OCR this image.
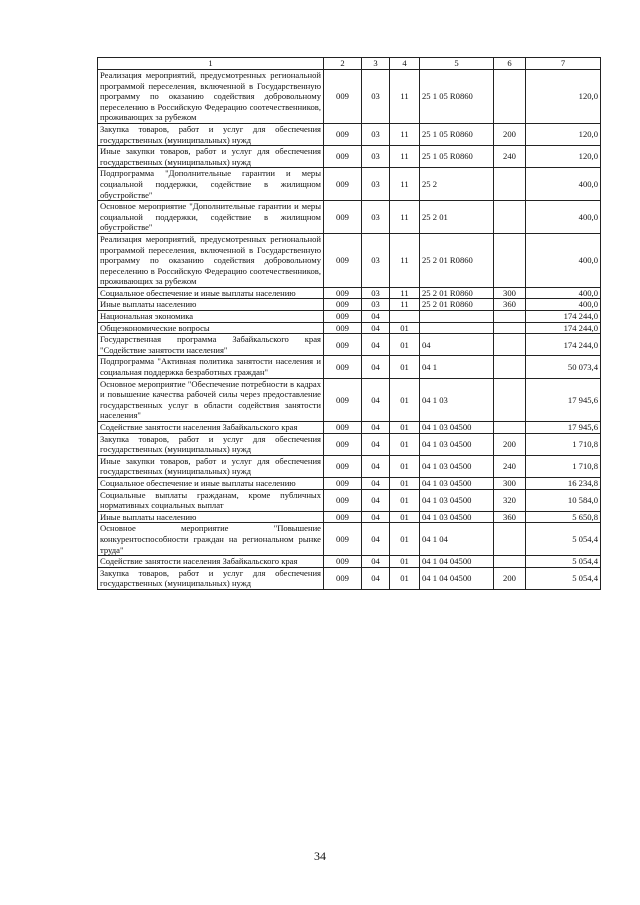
1	2	3	4	5	6	7
Реализация мероприятий, предусмотренных региональной программой переселения, включенной в Государственную программу по оказанию содействия добровольному переселению в Российскую Федерацию соотечественников, проживающих за рубежом	009	03	11	25 1 05 R0860		120,0
Закупка товаров, работ и услуг для обеспечения государственных (муниципальных) нужд	009	03	11	25 1 05 R0860	200	120,0
Иные закупки товаров, работ и услуг для обеспечения государственных (муниципальных) нужд	009	03	11	25 1 05 R0860	240	120,0
Подпрограмма "Дополнительные гарантии и меры социальной поддержки, содействие в жилищном обустройстве"	009	03	11	25 2		400,0
Основное мероприятие "Дополнительные гарантии и меры социальной поддержки, содействие в жилищном обустройстве"	009	03	11	25 2 01		400,0
Реализация мероприятий, предусмотренных региональной программой переселения, включенной в Государственную программу по оказанию содействия добровольному переселению в Российскую Федерацию соотечественников, проживающих за рубежом	009	03	11	25 2 01 R0860		400,0
Социальное обеспечение и иные выплаты населению	009	03	11	25 2 01 R0860	300	400,0
Иные выплаты населению	009	03	11	25 2 01 R0860	360	400,0
Национальная экономика	009	04				174 244,0
Общеэкономические вопросы	009	04	01			174 244,0
Государственная программа Забайкальского края "Содействие занятости населения"	009	04	01	04		174 244,0
Подпрограмма "Активная политика занятости населения и социальная поддержка безработных граждан"	009	04	01	04 1		50 073,4
Основное мероприятие "Обеспечение потребности в кадрах и повышение качества рабочей силы через предоставление государственных услуг в области содействия занятости населения"	009	04	01	04 1 03		17 945,6
Содействие занятости населения Забайкальского края	009	04	01	04 1 03 04500		17 945,6
Закупка товаров, работ и услуг для обеспечения государственных (муниципальных) нужд	009	04	01	04 1 03 04500	200	1 710,8
Иные закупки товаров, работ и услуг для обеспечения государственных (муниципальных) нужд	009	04	01	04 1 03 04500	240	1 710,8
Социальное обеспечение и иные выплаты населению	009	04	01	04 1 03 04500	300	16 234,8
Социальные выплаты гражданам, кроме публичных нормативных социальных выплат	009	04	01	04 1 03 04500	320	10 584,0
Иные выплаты населению	009	04	01	04 1 03 04500	360	5 650,8
Основное мероприятие "Повышение конкурентоспособности граждан на региональном рынке труда"	009	04	01	04 1 04		5 054,4
Содействие занятости населения Забайкальского края	009	04	01	04 1 04 04500		5 054,4
Закупка товаров, работ и услуг для обеспечения государственных (муниципальных) нужд	009	04	01	04 1 04 04500	200	5 054,4
34
